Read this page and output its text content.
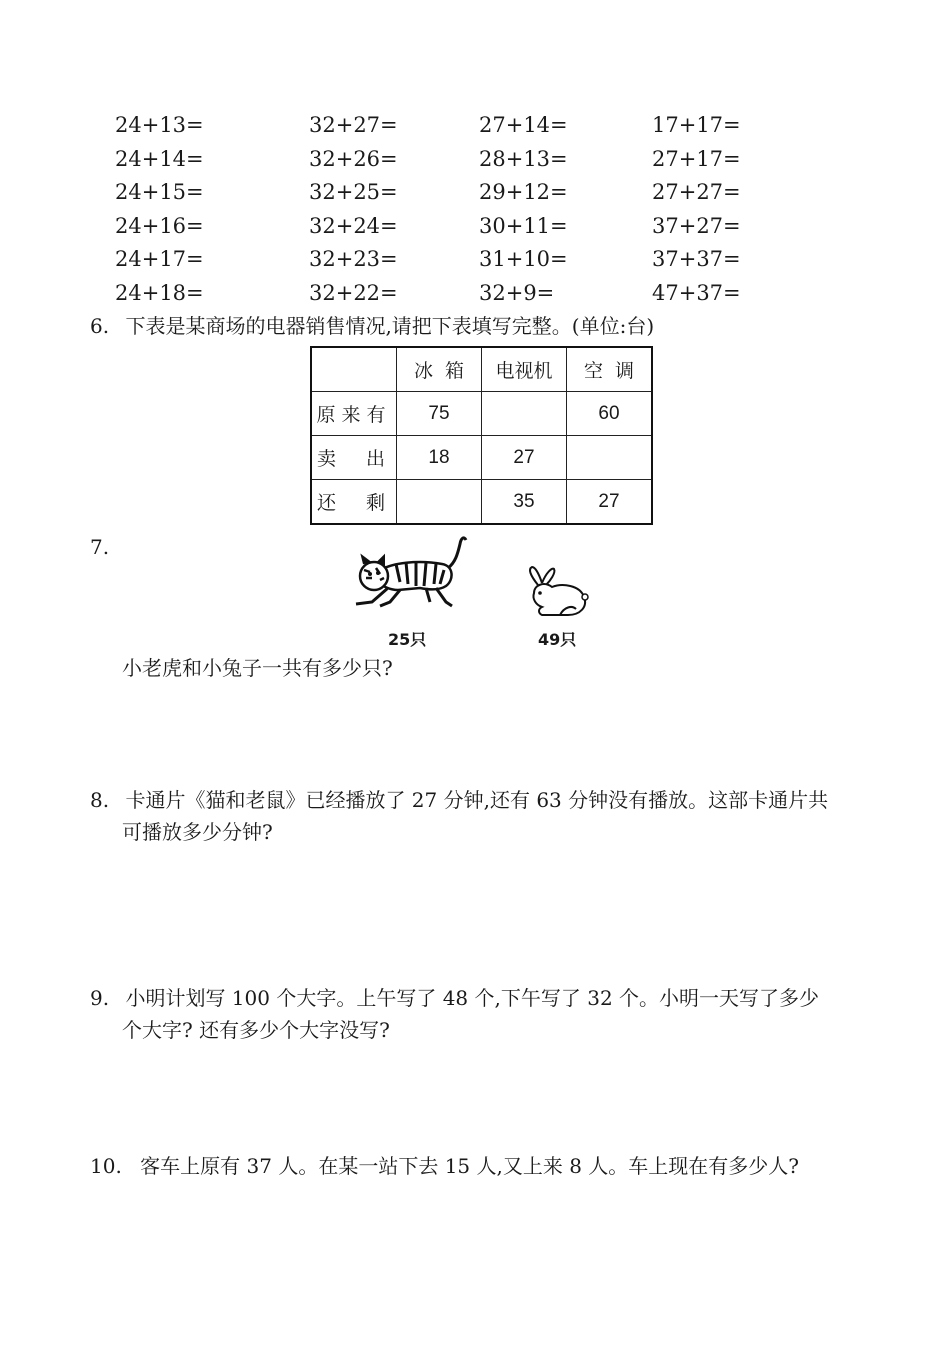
24+13=	32+27=	27+14=	17+17=
24+14=	32+26=	28+13=	27+17=
24+15=	32+25=	29+12=	27+27=
24+16=	32+24=	30+11=	37+27=
24+17=	32+23=	31+10=	37+37=
24+18=	32+22=	32+9=	47+37=
6. 下表是某商场的电器销售情况,请把下表填写完整。(单位:台)
	冰  箱	电视机	空  调
原来有	75		60
卖  出	18	27	
还  剩		35	27
7.
25只	49只
小老虎和小兔子一共有多少只?
8. 卡通片《猫和老鼠》已经播放了 27 分钟,还有 63 分钟没有播放。这部卡通片共
可播放多少分钟?
9. 小明计划写 100 个大字。上午写了 48 个,下午写了 32 个。小明一天写了多少
个大字? 还有多少个大字没写?
10. 客车上原有 37 人。在某一站下去 15 人,又上来 8 人。车上现在有多少人?
